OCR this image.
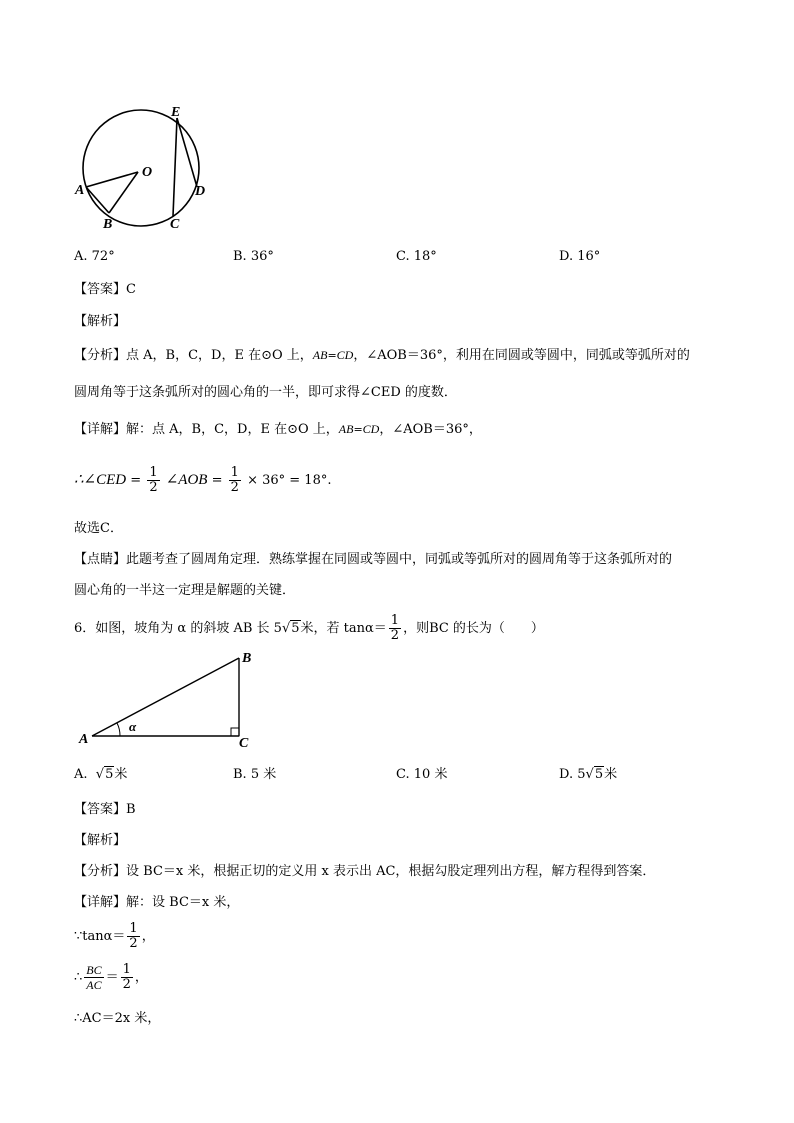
E
O
A
B	C
D
A. 72°	B. 36°	C. 18°	D. 16°
【答案】C
【解析】
【分析】点 A，B，C，D，E 在⊙O 上，AB=CD，∠AOB＝36°，利用在同圆或等圆中，同弧或等弧所对的
圆周角等于这条弧所对的圆心角的一半，即可求得∠CED 的度数．
【详解】解：点 A，B，C，D，E 在⊙O 上，AB=CD，∠AOB＝36°，
∴∠CED = $\frac{1}{2}$ ∠AOB = $\frac{1}{2} \times 36^\circ = 18^\circ$.
故选C．
【点睛】此题考查了圆周角定理．熟练掌握在同圆或等圆中，同弧或等弧所对的圆周角等于这条弧所对的
圆心角的一半这一定理是解题的关键．
6．如图，坡角为 α 的斜坡 AB 长 5√5米，若 $\tan\alpha= \frac{1}{2}$ ，则BC 的长为（　　）
B
A
α
C
A. √5米	B. 5 米	C. 10 米	D. 5√5米
【答案】B
【解析】
【分析】设 BC＝x 米，根据正切的定义用 x 表示出 AC，根据勾股定理列出方程，解方程得到答案．
【详解】解：设 BC＝x 米，
∵tanα＝ $\frac{1}{2}$ ，
∴ $\frac{BC}{AC} = \frac{1}{2}$ ，
∴AC＝2x 米，
